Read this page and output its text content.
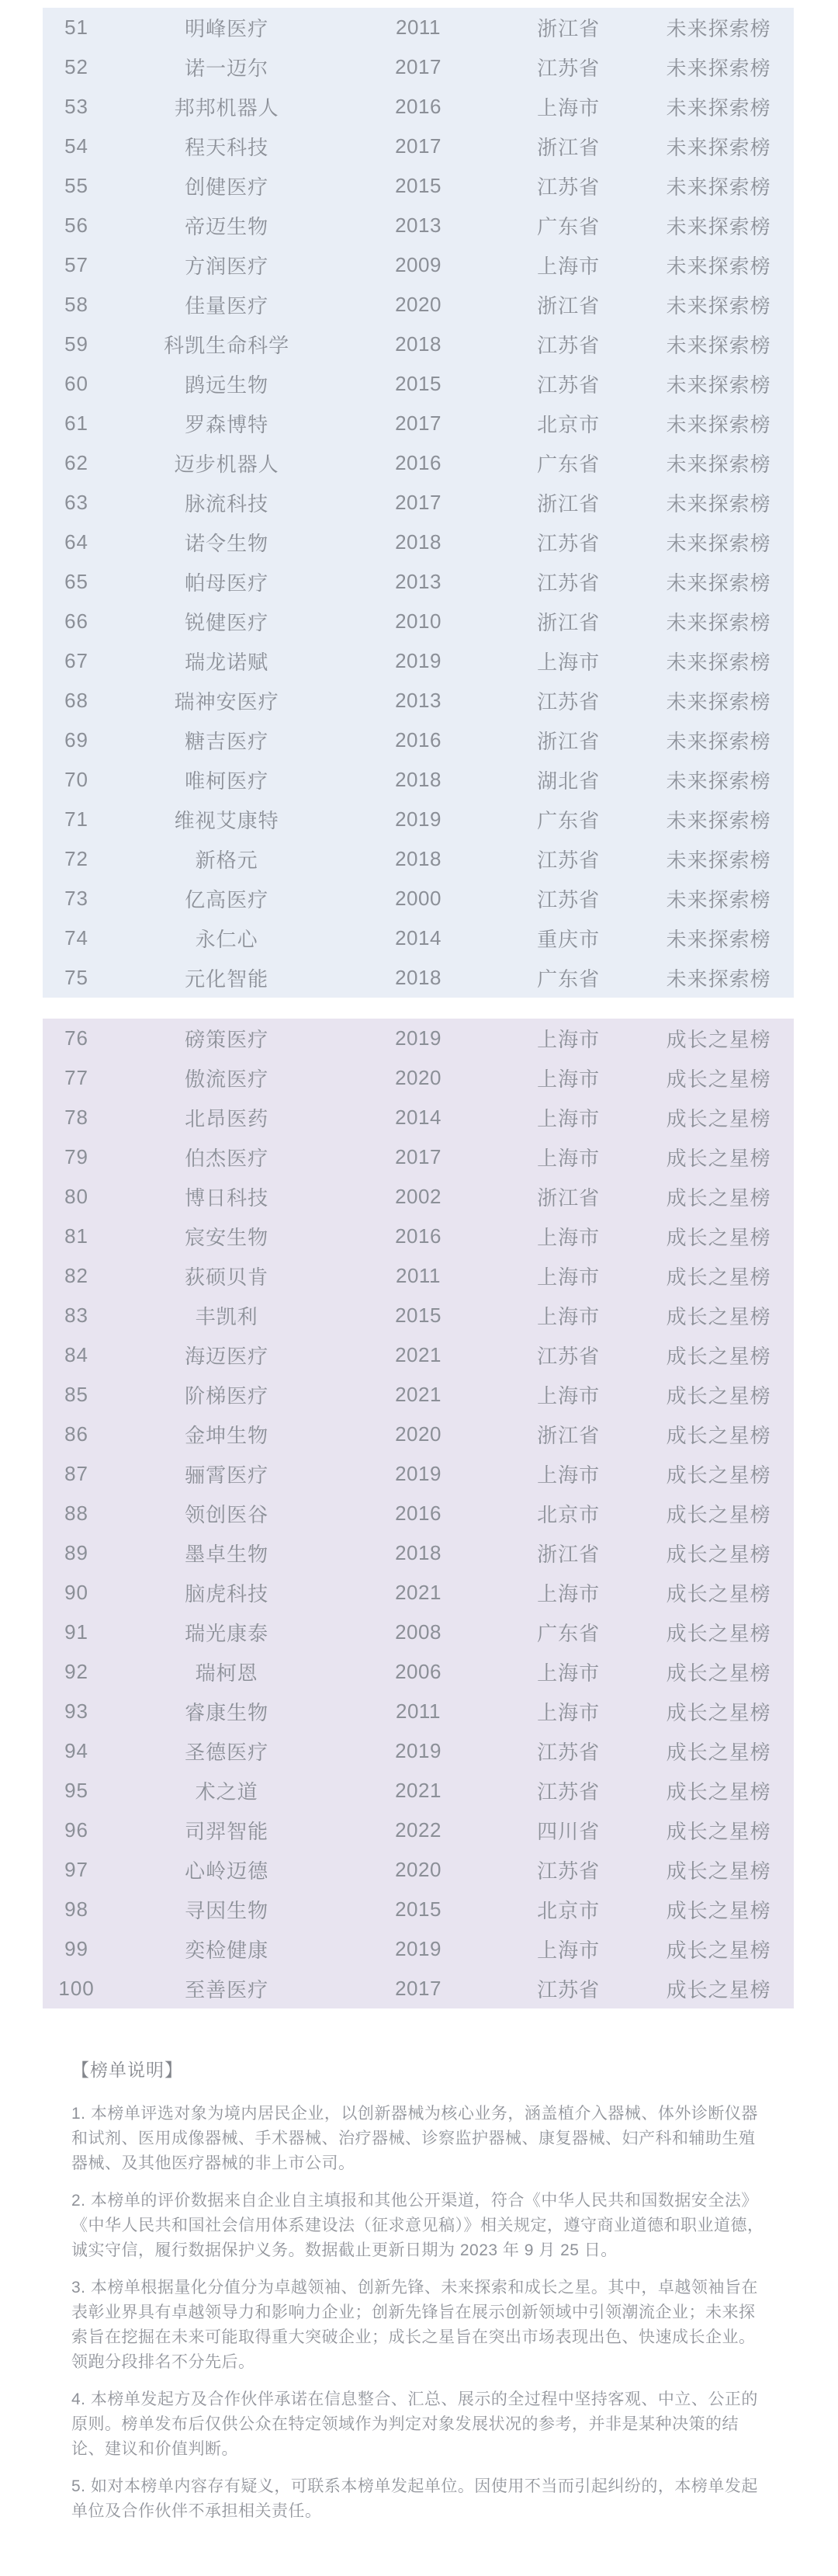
51	明峰医疗	2011	浙江省	未来探索榜
52	诺一迈尔	2017	江苏省	未来探索榜
53	邦邦机器人	2016	上海市	未来探索榜
54	程天科技	2017	浙江省	未来探索榜
55	创健医疗	2015	江苏省	未来探索榜
56	帝迈生物	2013	广东省	未来探索榜
57	方润医疗	2009	上海市	未来探索榜
58	佳量医疗	2020	浙江省	未来探索榜
59	科凯生命科学	2018	江苏省	未来探索榜
60	鹍远生物	2015	江苏省	未来探索榜
61	罗森博特	2017	北京市	未来探索榜
62	迈步机器人	2016	广东省	未来探索榜
63	脉流科技	2017	浙江省	未来探索榜
64	诺令生物	2018	江苏省	未来探索榜
65	帕母医疗	2013	江苏省	未来探索榜
66	锐健医疗	2010	浙江省	未来探索榜
67	瑞龙诺赋	2019	上海市	未来探索榜
68	瑞神安医疗	2013	江苏省	未来探索榜
69	糖吉医疗	2016	浙江省	未来探索榜
70	唯柯医疗	2018	湖北省	未来探索榜
71	维视艾康特	2019	广东省	未来探索榜
72	新格元	2018	江苏省	未来探索榜
73	亿高医疗	2000	江苏省	未来探索榜
74	永仁心	2014	重庆市	未来探索榜
75	元化智能	2018	广东省	未来探索榜
76	磅策医疗	2019	上海市	成长之星榜
77	傲流医疗	2020	上海市	成长之星榜
78	北昂医药	2014	上海市	成长之星榜
79	伯杰医疗	2017	上海市	成长之星榜
80	博日科技	2002	浙江省	成长之星榜
81	宸安生物	2016	上海市	成长之星榜
82	荻硕贝肯	2011	上海市	成长之星榜
83	丰凯利	2015	上海市	成长之星榜
84	海迈医疗	2021	江苏省	成长之星榜
85	阶梯医疗	2021	上海市	成长之星榜
86	金坤生物	2020	浙江省	成长之星榜
87	骊霄医疗	2019	上海市	成长之星榜
88	领创医谷	2016	北京市	成长之星榜
89	墨卓生物	2018	浙江省	成长之星榜
90	脑虎科技	2021	上海市	成长之星榜
91	瑞光康泰	2008	广东省	成长之星榜
92	瑞柯恩	2006	上海市	成长之星榜
93	睿康生物	2011	上海市	成长之星榜
94	圣德医疗	2019	江苏省	成长之星榜
95	术之道	2021	江苏省	成长之星榜
96	司羿智能	2022	四川省	成长之星榜
97	心岭迈德	2020	江苏省	成长之星榜
98	寻因生物	2015	北京市	成长之星榜
99	奕检健康	2019	上海市	成长之星榜
100	至善医疗	2017	江苏省	成长之星榜
【榜单说明】

1. 本榜单评选对象为境内居民企业，以创新器械为核心业务，涵盖植介入器械、体外诊断仪器和试剂、医用成像器械、手术器械、治疗器械、诊察监护器械、康复器械、妇产科和辅助生殖器械、及其他医疗器械的非上市公司。

2. 本榜单的评价数据来自企业自主填报和其他公开渠道，符合《中华人民共和国数据安全法》《中华人民共和国社会信用体系建设法（征求意见稿）》相关规定，遵守商业道德和职业道德，诚实守信，履行数据保护义务。数据截止更新日期为 2023 年 9 月 25 日。

3. 本榜单根据量化分值分为卓越领袖、创新先锋、未来探索和成长之星。其中，卓越领袖旨在表彰业界具有卓越领导力和影响力企业；创新先锋旨在展示创新领域中引领潮流企业；未来探索旨在挖掘在未来可能取得重大突破企业；成长之星旨在突出市场表现出色、快速成长企业。领跑分段排名不分先后。

4. 本榜单发起方及合作伙伴承诺在信息整合、汇总、展示的全过程中坚持客观、中立、公正的原则。榜单发布后仅供公众在特定领域作为判定对象发展状况的参考，并非是某种决策的结论、建议和价值判断。

5. 如对本榜单内容存有疑义，可联系本榜单发起单位。因使用不当而引起纠纷的，本榜单发起单位及合作伙伴不承担相关责任。
